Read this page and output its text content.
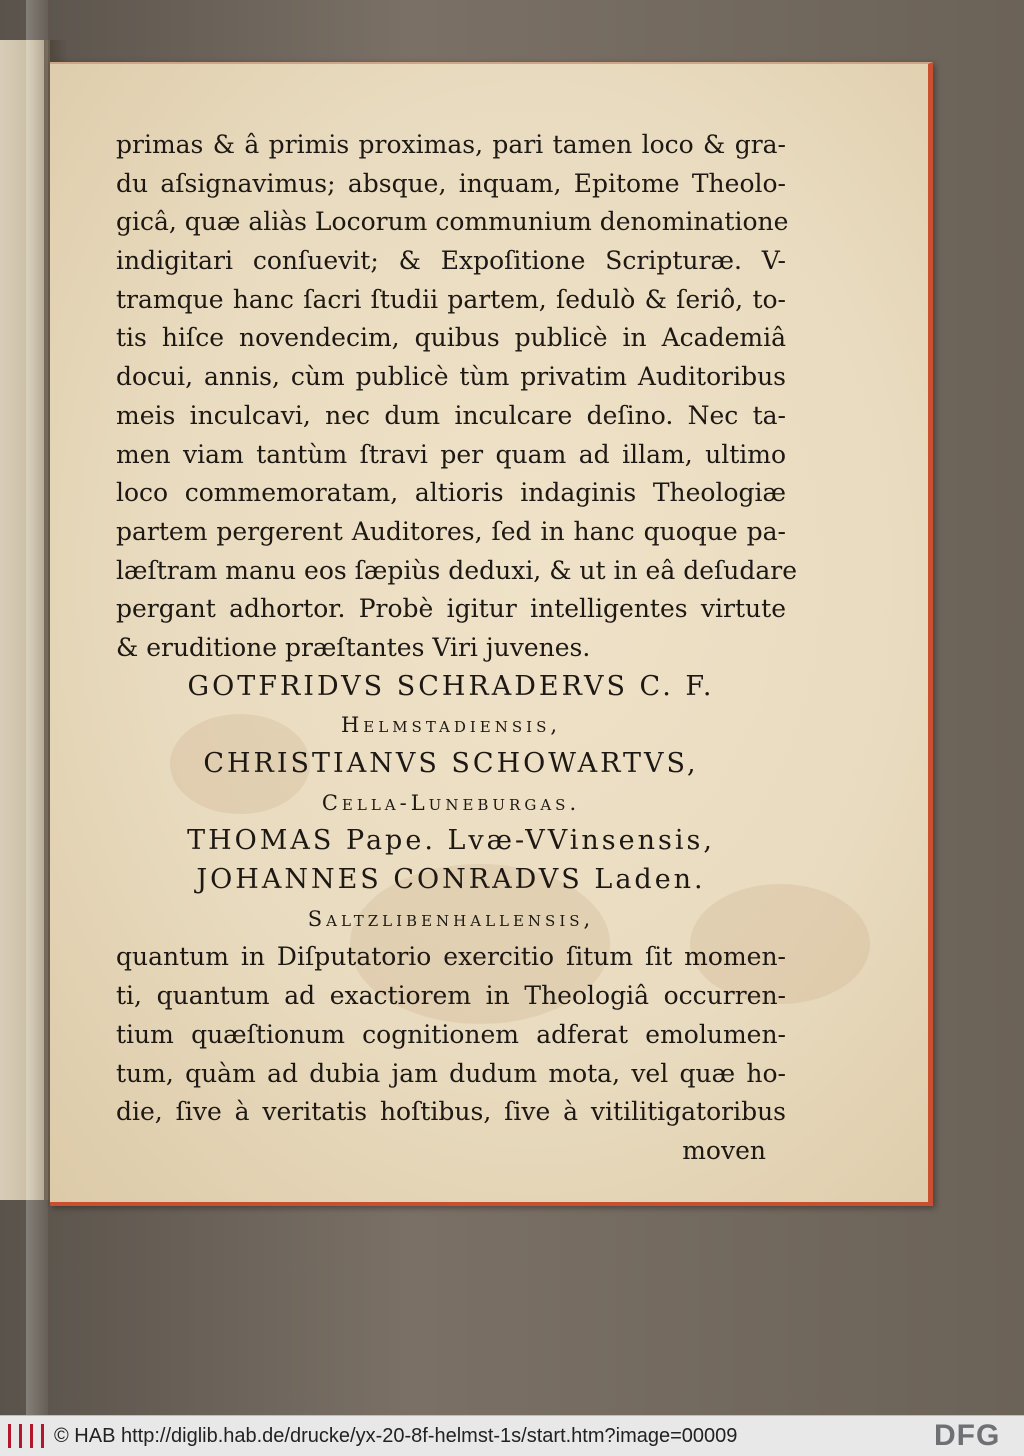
primas & â primis proximas, pari tamen loco & gra-
du aſsignavimus; absque, inquam, Epitome Theolo-
gicâ, quæ aliàs Locorum communium denominatione
indigitari conſuevit; & Expoſitione Scripturæ. V-
tramque hanc ſacri ſtudii partem, ſedulò & ſeriô, to-
tis hiſce novendecim, quibus publicè in Academiâ
docui, annis, cùm publicè tùm privatim Auditoribus
meis inculcavi, nec dum inculcare deſino. Nec ta-
men viam tantùm ſtravi per quam ad illam, ultimo
loco commemoratam, altioris indaginis Theologiæ
partem pergerent Auditores, ſed in hanc quoque pa-
læſtram manu eos ſæpiùs deduxi, & ut in eâ deſudare
pergant adhortor. Probè igitur intelligentes virtute
& eruditione præſtantes Viri juvenes.
GOTFRIDVS SCHRADERVS C. F.
Helmstadiensis,
CHRISTIANVS SCHOWARTVS,
Cella-Luneburgas.
THOMAS Pape. Lvæ-VVinsensis,
JOHANNES CONRADVS Laden.
Saltzlibenhallensis,
quantum in Diſputatorio exercitio ſitum ſit momen-
ti, quantum ad exactiorem in Theologiâ occurren-
tium quæſtionum cognitionem adferat emolumen-
tum, quàm ad dubia jam dudum mota, vel quæ ho-
die, ſive à veritatis hoſtibus, ſive à vitilitigatoribus
moven
© HAB http://diglib.hab.de/drucke/yx-20-8f-helmst-1s/start.htm?image=00009	DFG
